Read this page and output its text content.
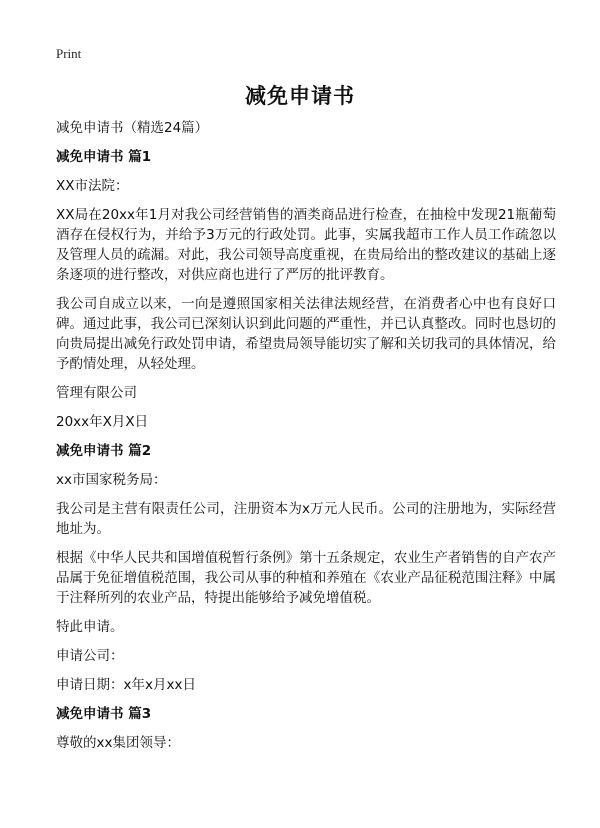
Print
减免申请书
减免申请书（精选24篇）
减免申请书 篇1
XX市法院：
XX局在20xx年1月对我公司经营销售的酒类商品进行检查，在抽检中发现21瓶葡萄酒存在侵权行为，并给予3万元的行政处罚。此事，实属我超市工作人员工作疏忽以及管理人员的疏漏。对此，我公司领导高度重视，在贵局给出的整改建议的基础上逐条逐项的进行整改，对供应商也进行了严厉的批评教育。
我公司自成立以来，一向是遵照国家相关法律法规经营，在消费者心中也有良好口碑。通过此事，我公司已深刻认识到此问题的严重性，并已认真整改。同时也恳切的向贵局提出减免行政处罚申请，希望贵局领导能切实了解和关切我司的具体情况，给予酌情处理，从轻处理。
管理有限公司
20xx年X月X日
减免申请书 篇2
xx市国家税务局：
我公司是主营有限责任公司，注册资本为x万元人民币。公司的注册地为，实际经营地址为。
根据《中华人民共和国增值税暂行条例》第十五条规定，农业生产者销售的自产农产品属于免征增值税范围，我公司从事的种植和养殖在《农业产品征税范围注释》中属于注释所列的农业产品，特提出能够给予减免增值税。
特此申请。
申请公司：
申请日期：x年x月xx日
减免申请书 篇3
尊敬的xx集团领导：
